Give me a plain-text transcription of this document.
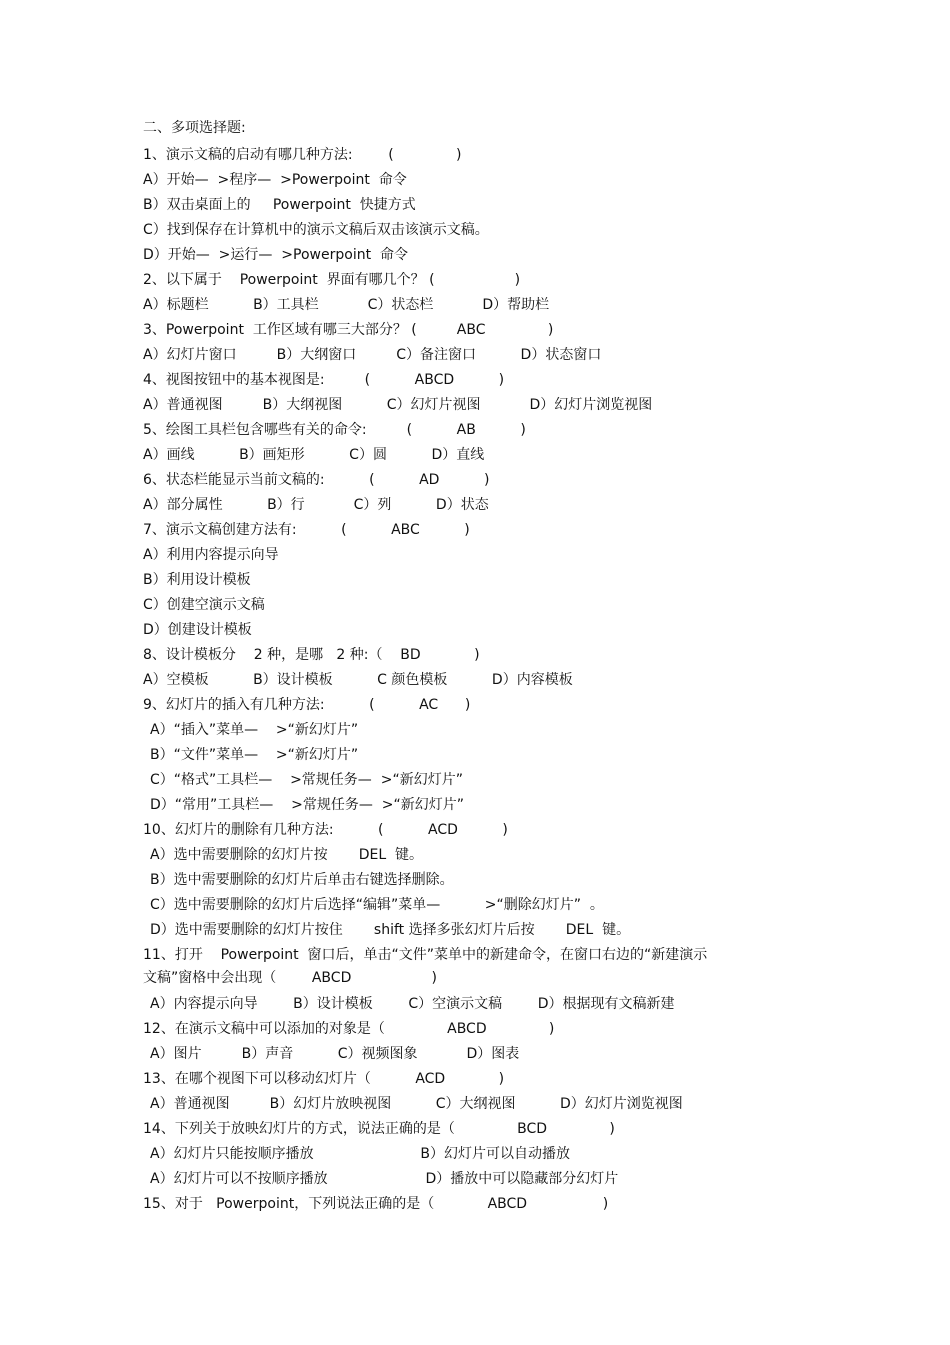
二、多项选择题:
1、演示文稿的启动有哪几种方法:        (              )
A）开始—  >程序—  >Powerpoint  命令
B）双击桌面上的     Powerpoint  快捷方式
C）找到保存在计算机中的演示文稿后双击该演示文稿。
D）开始—  >运行—  >Powerpoint  命令
2、以下属于    Powerpoint  界面有哪几个？ (                  )
A）标题栏          B）工具栏           C）状态栏           D）帮助栏
3、Powerpoint  工作区域有哪三大部分？ (         ABC              )
A）幻灯片窗口         B）大纲窗口         C）备注窗口          D）状态窗口
4、视图按钮中的基本视图是:         (          ABCD          )
A）普通视图         B）大纲视图          C）幻灯片视图           D）幻灯片浏览视图
5、绘图工具栏包含哪些有关的命令:         (          AB          )
A）画线          B）画矩形          C）圆          D）直线
6、状态栏能显示当前文稿的:          (          AD          )
A）部分属性          B）行           C）列          D）状态
7、演示文稿创建方法有:          (          ABC          )
A）利用内容提示向导
B）利用设计模板
C）创建空演示文稿
D）创建设计模板
8、设计模板分    2 种，是哪   2 种:（    BD            )
A）空模板          B）设计模板          C 颜色模板          D）内容模板
9、幻灯片的插入有几种方法:          (          AC      )
A）“插入”菜单—    >“新幻灯片”
B）“文件”菜单—    >“新幻灯片”
C）“格式”工具栏—    >常规任务—  >“新幻灯片”
D）“常用”工具栏—    >常规任务—  >“新幻灯片”
10、幻灯片的删除有几种方法:          (          ACD          )
A）选中需要删除的幻灯片按       DEL  键。
B）选中需要删除的幻灯片后单击右键选择删除。
C）选中需要删除的幻灯片后选择“编辑”菜单—          >“删除幻灯片”  。
D）选中需要删除的幻灯片按住       shift 选择多张幻灯片后按       DEL  键。
11、打开    Powerpoint  窗口后，单击“文件”菜单中的新建命令，在窗口右边的“新建演示
文稿”窗格中会出现（        ABCD                  )
A）内容提示向导        B）设计模板        C）空演示文稿        D）根据现有文稿新建
12、在演示文稿中可以添加的对象是（              ABCD              )
A）图片         B）声音          C）视频图象           D）图表
13、在哪个视图下可以移动幻灯片（          ACD            )
A）普通视图         B）幻灯片放映视图          C）大纲视图          D）幻灯片浏览视图
14、下列关于放映幻灯片的方式，说法正确的是（              BCD              )
A）幻灯片只能按顺序播放                        B）幻灯片可以自动播放
A）幻灯片可以不按顺序播放                      D）播放中可以隐藏部分幻灯片
15、对于   Powerpoint，下列说法正确的是（            ABCD                 )
